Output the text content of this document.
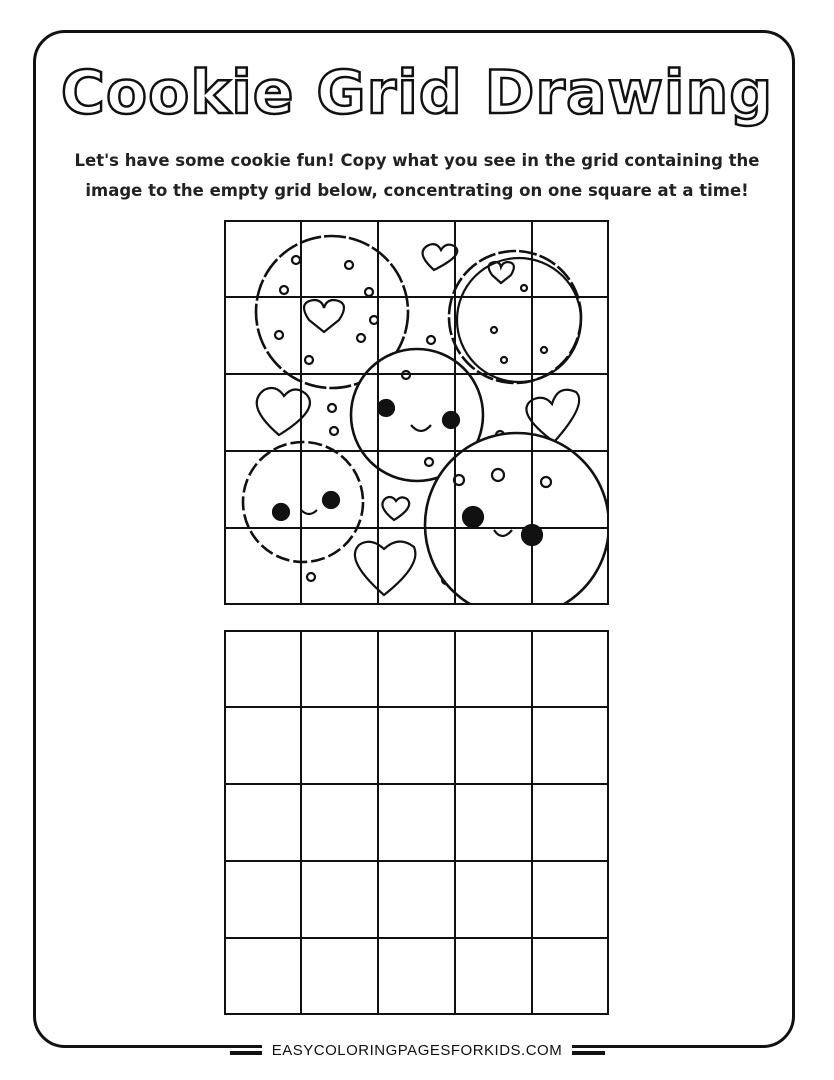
Cookie Grid Drawing
Let's have some cookie fun! Copy what you see in the grid containing the
image to the empty grid below, concentrating on one square at a time!
EASYCOLORINGPAGESFORKIDS.COM
